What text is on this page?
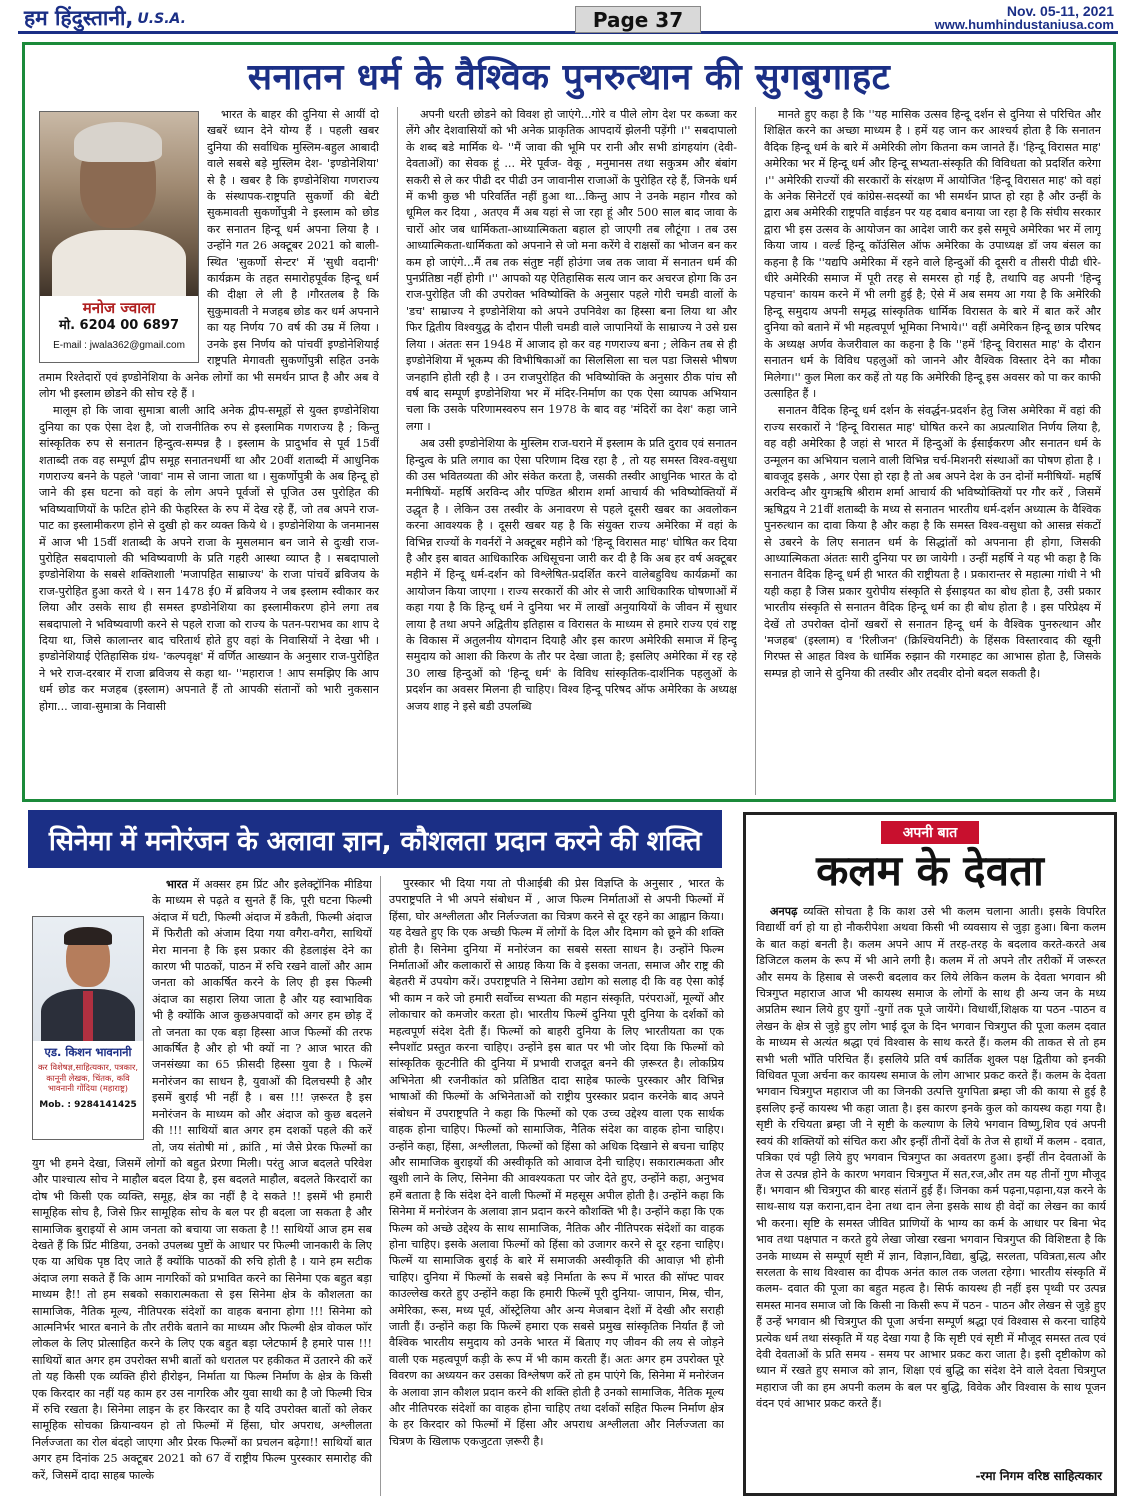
हम हिंदुस्तानी, U.S.A.	Page 37	Nov. 05-11, 2021
www.humhindustaniusa.com
सनातन धर्म के वैश्विक पुनरुत्थान की सुगबुगाहट
मनोज ज्वाला
मो. 6204 00 6897
E-mail : jwala362@gmail.com

भारत के बाहर की दुनिया से आयीं दो खबरें ध्यान देने योग्य हैं । पहली खबर दुनिया की सर्वाधिक मुस्लिम-बहुल आबादी वाले सबसे बड़े मुस्लिम देश- 'इण्डोनेशिया' से है । खबर है कि इण्डोनेशिया गणराज्य के संस्थापक-राष्ट्रपति सुकर्णो की बेटी सुकमावती सुकर्णोपुत्री ने इस्लाम को छोड कर सनातन हिन्दू धर्म अपना लिया है । उन्होंने गत 26 अक्टूबर 2021 को बाली-स्थित 'सुकर्णो सेन्टर' में 'सुधी वदानी' कार्यक्रम के तहत समारोहपूर्वक हिन्दू धर्म की दीक्षा ले ली है ।गौरतलब है कि सुकुमावती ने मजहब छोड कर धर्म अपनाने का यह निर्णय 70 वर्ष की उम्र में लिया । उनके इस निर्णय को पांचवीं इण्डोनेशियाई राष्ट्रपति मेगावती सुकर्णोपुत्री सहित उनके तमाम रिश्तेदारों एवं इण्डोनेशिया के अनेक लोगों का भी समर्थन प्राप्त है और अब वे लोग भी इस्लाम छोडने की सोच रहे हैं ।

मालूम हो कि जावा सुमात्रा बाली आदि अनेक द्वीप-समूहों से युक्त इण्डोनेशिया दुनिया का एक ऐसा देश है, जो राजनीतिक रुप से इस्लामिक गणराज्य है ; किन्तु सांस्कृतिक रुप से सनातन हिन्दुत्व-सम्पन्न है । इस्लाम के प्रादुर्भाव से पूर्व 15वीं शताब्दी तक वह सम्पूर्ण द्वीप समूह सनातनधर्मी था और 20वीं शताब्दी में आधुनिक गणराज्य बनने के पहले 'जावा' नाम से जाना जाता था । सुकर्णोपुत्री के अब हिन्दू हो जाने की इस घटना को वहां के लोग अपने पूर्वजों से पूजित उस पुरोहित की भविष्यवाणियों के फटित होने की फेहरिस्त के रुप में देख रहे हैं, जो तब अपने राज-पाट का इस्लामीकरण होने से दुखी हो कर व्यक्त किये थे । इण्डोनेशिया के जनमानस में आज भी 15वीं शताब्दी के अपने राजा के मुसलमान बन जाने से दुःखी राज-पुरोहित सबदापालो की भविष्यवाणी के प्रति गहरी आस्था व्याप्त है । सबदापालो इण्डोनेशिया के सबसे शक्तिशाली 'मजापहित साम्राज्य' के राजा पांचवें ब्रविजय के राज-पुरोहित हुआ करते थे । सन 1478 ई0 में ब्रविजय ने जब इस्लाम स्वीकार कर लिया और उसके साथ ही समस्त इण्डोनेशिया का इस्लामीकरण होने लगा तब सबदापालो ने भविष्यवाणी करने से पहले राजा को राज्य के पतन-पराभव का शाप दे दिया था, जिसे कालान्तर बाद चरितार्थ होते हुए वहां के निवासियों ने देखा भी । इण्डोनेशियाई ऐतिहासिक ग्रंथ- 'कल्पवृक्ष' में वर्णित आख्यान के अनुसार राज-पुरोहित ने भरे राज-दरबार में राजा ब्रविजय से कहा था- ''महाराज ! आप समझिए कि आप धर्म छोड कर मजहब (इस्लाम) अपनाते हैं तो आपकी संतानों को भारी नुकसान होगा... जावा-सुमात्रा के निवासी

अपनी धरती छोडने को विवश हो जाएंगे...गोरे व पीले लोग देश पर कब्जा कर लेंगे और देशवासियों को भी अनेक प्राकृतिक आपदायें झेलनी पड़ेंगी ।'' सबदापालो के शब्द बडे मार्मिक थे- ''मैं जावा की भूमि पर रानी और सभी डांगहयांग (देवी-देवताओं) का सेवक हूं ... मेरे पूर्वज- वेकू , मनुमानस तथा सकुत्रम और बंबांग सकरी से ले कर पीढी दर पीढी उन जावानीस राजाओं के पुरोहित रहे हैं, जिनके धर्म में कभी कुछ भी परिवर्तित नहीं हुआ था...किन्तु आप ने उनके महान गौरव को धूमिल कर दिया , अतएव मैं अब यहां से जा रहा हूं और 500 साल बाद जावा के चारों ओर जब धार्मिकता-आध्यात्मिकता बहाल हो जाएगी तब लौटूंगा । तब उस आध्यात्मिकता-धार्मिकता को अपनाने से जो मना करेंगे वे राक्षसों का भोजन बन कर कम हो जाएंगे...मैं तब तक संतुष्ट नहीं होउंगा जब तक जावा में सनातन धर्म की पुनर्प्रतिष्ठा नहीं होगी ।'' आपको यह ऐतिहासिक सत्य जान कर अचरज होगा कि उन राज-पुरोहित जी की उपरोक्त भविष्योक्ति के अनुसार पहले गोरी चमडी वालों के 'डच' साम्राज्य ने इण्डोनेशिया को अपने उपनिवेश का हिस्सा बना लिया था और फिर द्वितीय विश्वयुद्ध के दौरान पीली चमडी वाले जापानियों के साम्राज्य ने उसे ग्रस लिया । अंततः सन 1948 में आजाद हो कर वह गणराज्य बना ; लेकिन तब से ही इण्डोनेशिया में भूकम्प की विभीषिकाओं का सिलसिला सा चल पडा जिससे भीषण जनहानि होती रही है । उन राजपुरोहित की भविष्योक्ति के अनुसार ठीक पांच सौ वर्ष बाद सम्पूर्ण इण्डोनेशिया भर में मंदिर-निर्माण का एक ऐसा व्यापक अभियान चला कि उसके परिणामस्वरुप सन 1978 के बाद वह 'मंदिरों का देश' कहा जाने लगा ।

अब उसी इण्डोनेशिया के मुस्लिम राज-घराने में इस्लाम के प्रति दुराव एवं सनातन हिन्दुत्व के प्रति लगाव का ऐसा परिणाम दिख रहा है , तो यह समस्त विश्व-वसुधा की उस भवितव्यता की ओर संकेत करता है, जसकी तस्वीर आधुनिक भारत के दो मनीषियों- महर्षि अरविन्द और पण्डित श्रीराम शर्मा आचार्य की भविष्योक्तियों में उद्धृत है । लेकिन उस तस्वीर के अनावरण से पहले दूसरी खबर का अवलोकन करना आवश्यक है । दूसरी खबर यह है कि संयुक्त राज्य अमेरिका में वहां के विभिन्न राज्यों के गवर्नरों ने अक्टूबर महीने को 'हिन्दू विरासत माह' घोषित कर दिया है और इस बावत आधिकारिक अधिसूचना जारी कर दी है कि अब हर वर्ष अक्टूबर महीने में हिन्दू धर्म-दर्शन को विश्लेषित-प्रदर्शित करने वालेबहुविध कार्यक्रमों का आयोजन किया जाएगा । राज्य सरकारों की ओर से जारी आधिकारिक घोषणाओं में कहा गया है कि हिन्दू धर्म ने दुनिया भर में लाखों अनुयायियों के जीवन में सुधार लाया है तथा अपने अद्वितीय इतिहास व विरासत के माध्यम से हमारे राज्य एवं राष्ट्र के विकास में अतुलनीय योगदान दियाहै और इस कारण अमेरिकी समाज में हिन्दू समुदाय को आशा की किरण के तौर पर देखा जाता है; इसलिए अमेरिका में रह रहे 30 लाख हिन्दुओं को 'हिन्दू धर्म' के विविध सांस्कृतिक-दार्शनिक पहलुओं के प्रदर्शन का अवसर मिलना ही चाहिए। विश्व हिन्दू परिषद ऑफ अमेरिका के अध्यक्ष अजय शाह ने इसे बडी उपलब्धि

मानते हुए कहा है कि ''यह मासिक उत्सव हिन्दू दर्शन से दुनिया से परिचित और शिक्षित करने का अच्छा माध्यम है । हमें यह जान कर आश्चर्य होता है कि सनातन वैदिक हिन्दू धर्म के बारे में अमेरिकी लोग कितना कम जानते हैं। 'हिन्दू विरासत माह' अमेरिका भर में हिन्दू धर्म और हिन्दू सभ्यता-संस्कृति की विविधता को प्रदर्शित करेगा ।'' अमेरिकी राज्यों की सरकारों के संरक्षण में आयोजित 'हिन्दू विरासत माह' को वहां के अनेक सिनेटरों एवं कांग्रेस-सदस्यों का भी समर्थन प्राप्त हो रहा है और उन्हीं के द्वारा अब अमेरिकी राष्ट्रपति वाईडन पर यह दबाव बनाया जा रहा है कि संघीय सरकार द्वारा भी इस उत्सव के आयोजन का आदेश जारी कर इसे समूचे अमेरिका भर में लागू किया जाय । वर्ल्ड हिन्दू कॉउंसिल ऑफ अमेरिका के उपाध्यक्ष डॉ जय बंसल का कहना है कि ''यद्यपि अमेरिका में रहने वाले हिन्दुओं की दूसरी व तीसरी पीढी धीरे-धीरे अमेरिकी समाज में पूरी तरह से समरस हो गई है, तथापि वह अपनी 'हिन्दू पहचान' कायम करने में भी लगी हुई है; ऐसे में अब समय आ गया है कि अमेरिकी हिन्दू समुदाय अपनी समृद्ध सांस्कृतिक धार्मिक विरासत के बारे में बात करें और दुनिया को बताने में भी महत्वपूर्ण भूमिका निभाये।'' वहीं अमेरिकन हिन्दू छात्र परिषद के अध्यक्ष अर्णव केजरीवाल का कहना है कि ''हमें 'हिन्दू विरासत माह' के दौरान सनातन धर्म के विविध पहलुओं को जानने और वैश्विक विस्तार देने का मौका मिलेगा।'' कुल मिला कर कहें तो यह कि अमेरिकी हिन्दू इस अवसर को पा कर काफी उत्साहित हैं ।

सनातन वैदिक हिन्दू धर्म दर्शन के संवर्द्धन-प्रदर्शन हेतु जिस अमेरिका में वहां की राज्य सरकारों ने 'हिन्दू विरासत माह' घोषित करने का अप्रत्याशित निर्णय लिया है, वह वही अमेरिका है जहां से भारत में हिन्दुओं के ईसाईकरण और सनातन धर्म के उन्मूलन का अभियान चलाने वाली विभिन्न चर्च-मिशनरी संस्थाओं का पोषण होता है । बावजूद इसके , अगर ऐसा हो रहा है तो अब अपने देश के उन दोनों मनीषियों- महर्षि अरविन्द और युगऋषि श्रीराम शर्मा आचार्य की भविष्योक्तियों पर गौर करें , जिसमें ऋषिद्वय ने 21वीं शताब्दी के मध्य से सनातन भारतीय धर्म-दर्शन अध्यात्म के वैश्विक पुनरुत्थान का दावा किया है और कहा है कि समस्त विश्व-वसुधा को आसन्न संकटों से उबरने के लिए सनातन धर्म के सिद्धांतों को अपनाना ही होगा, जिसकी आध्यात्मिकता अंततः सारी दुनिया पर छा जायेगी । उन्हीं महर्षि ने यह भी कहा है कि सनातन वैदिक हिन्दू धर्म ही भारत की राष्ट्रीयता है । प्रकारान्तर से महात्मा गांधी ने भी यही कहा है जिस प्रकार युरोपीय संस्कृति से ईसाइयत का बोध होता है, उसी प्रकार भारतीय संस्कृति से सनातन वैदिक हिन्दू धर्म का ही बोध होता है । इस परिप्रेक्ष्य में देखें तो उपरोक्त दोनों खबरों से सनातन हिन्दू धर्म के वैश्विक पुनरुत्थान और 'मजहब' (इस्लाम) व 'रिलीजन' (क्रिश्चियनिटी) के हिंसक विस्तारवाद की खूनी गिरफ्त से आहत विश्व के धार्मिक रुझान की गरमाहट का आभास होता है, जिसके सम्पन्न हो जाने से दुनिया की तस्वीर और तदवीर दोनो बदल सकती है।

सिनेमा में मनोरंजन के अलावा ज्ञान, कौशलता प्रदान करने की शक्ति
एड. किशन भावनानी
कर विशेषज्ञ,साहित्यकार, पत्रकार, कानूनी लेखक, चिंतक, कवि भावनानी गोंदिया (महाराष्ट्र)
Mob. : 9284141425

भारत में अक्सर हम प्रिंट और इलेक्ट्रॉनिक मीडिया के माध्यम से पढ़ते व सुनते हैं कि, पूरी घटना फिल्मी अंदाज में घटी, फिल्मी अंदाज में डकैती, फिल्मी अंदाज में फिरौती को अंजाम दिया गया वगैरा-वगैरा, साथियों मेरा मानना है कि इस प्रकार की हेडलाइंस देने का कारण भी पाठकों, पाठन में रुचि रखने वालों और आम जनता को आकर्षित करने के लिए ही इस फिल्मी अंदाज का सहारा लिया जाता है और यह स्वाभाविक भी है क्योंकि आज कुछअपवादों को अगर हम छोड़ दें तो जनता का एक बड़ा हिस्सा आज फिल्मों की तरफ आकर्षित है और हो भी क्यों ना ? आज भारत की जनसंख्या का 65 फ़ीसदी हिस्सा युवा है । फिल्में मनोरंजन का साधन है, युवाओं की दिलचस्पी है और इसमें बुराई भी नहीं है । बस !!! ज़रूरत है इस मनोरंजन के माध्यम को और अंदाज को कुछ बदलने की !!! साथियों बात अगर हम दशकों पहले की करें तो, जय संतोषी मां , क्रांति , मां जैसे प्रेरक फिल्मों का युग भी हमने देखा, जिसमें लोगों को बहुत प्रेरणा मिली। परंतु आज बदलते परिवेश और पाश्चात्य सोच ने माहौल बदल दिया है, इस बदलते माहौल, बदलते किरदारों का दोष भी किसी एक व्यक्ति, समूह, क्षेत्र का नहीं है दे सकते !! इसमें भी हमारी सामूहिक सोच है, जिसे फ़िर सामूहिक सोच के बल पर ही बदला जा सकता है और सामाजिक बुराइयों से आम जनता को बचाया जा सकता है !! साथियों आज हम सब देखते हैं कि प्रिंट मीडिया, उनको उपलब्ध पुष्टों के आधार पर फिल्मी जानकारी के लिए एक या अधिक पृष्ठ दिए जाते हैं क्योंकि पाठकों की रुचि होती है । याने हम सटीक अंदाज लगा सकते हैं कि आम नागरिकों को प्रभावित करने का सिनेमा एक बहुत बड़ा माध्यम है!! तो हम सबको सकारात्मकता से इस सिनेमा क्षेत्र के कौशलता का सामाजिक, नैतिक मूल्य, नीतिपरक संदेशों का वाहक बनाना होगा !!! सिनेमा को आत्मनिर्भर भारत बनाने के तौर तरीके बताने का माध्यम और फिल्मी क्षेत्र वोकल फॉर लोकल के लिए प्रोत्साहित करने के लिए एक बहुत बड़ा प्लेटफार्म है हमारे पास !!! साथियों बात अगर हम उपरोक्त सभी बातों को धरातल पर हकीकत में उतारने की करें तो यह किसी एक व्यक्ति हीरो हीरोइन, निर्माता या फिल्म निर्माण के क्षेत्र के किसी एक किरदार का नहीं यह काम हर उस नागरिक और युवा साथी का है जो फिल्मी चित्र में रुचि रखता है। सिनेमा लाइन के हर किरदार का है यदि उपरोक्त बातों को लेकर सामूहिक सोचका क्रियान्वयन हो तो फिल्मों में हिंसा, घोर अपराध, अश्लीलता निर्लज्जता का रोल बंदहो जाएगा और प्रेरक फिल्मों का प्रचलन बढ़ेगा!! साथियों बात अगर हम दिनांक 25 अक्टूबर 2021 को 67 वें राष्ट्रीय फिल्म पुरस्कार समारोह की करें, जिसमें दादा साहब फाल्के

पुरस्कार भी दिया गया तो पीआईबी की प्रेस विज्ञप्ति के अनुसार , भारत के उपराष्ट्रपति ने भी अपने संबोधन में , आज फिल्म निर्माताओं से अपनी फिल्मों में हिंसा, घोर अश्लीलता और निर्लज्जता का चित्रण करने से दूर रहने का आह्वान किया। यह देखते हुए कि एक अच्छी फिल्म में लोगों के दिल और दिमाग को छूने की शक्ति होती है। सिनेमा दुनिया में मनोरंजन का सबसे सस्ता साधन है। उन्होंने फिल्म निर्माताओं और कलाकारों से आग्रह किया कि वे इसका जनता, समाज और राष्ट्र की बेहतरी में उपयोग करें। उपराष्ट्रपति ने सिनेमा उद्योग को सलाह दी कि वह ऐसा कोई भी काम न करे जो हमारी सर्वोच्च सभ्यता की महान संस्कृति, परंपराओं, मूल्यों और लोकाचार को कमजोर करता हो। भारतीय फिल्में दुनिया पूरी दुनिया के दर्शकों को महत्वपूर्ण संदेश देती हैं। फिल्मों को बाहरी दुनिया के लिए भारतीयता का एक स्नैपशॉट प्रस्तुत करना चाहिए। उन्होंने इस बात पर भी जोर दिया कि फिल्मों को सांस्कृतिक कूटनीति की दुनिया में प्रभावी राजदूत बनने की ज़रूरत है। लोकप्रिय अभिनेता श्री रजनीकांत को प्रतिष्ठित दादा साहेब फाल्के पुरस्कार और विभिन्न भाषाओं की फिल्मों के अभिनेताओं को राष्ट्रीय पुरस्कार प्रदान करनेके बाद अपने संबोधन में उपराष्ट्रपति ने कहा कि फिल्मों को एक उच्च उद्देश्य वाला एक सार्थक वाहक होना चाहिए। फिल्मों को सामाजिक, नैतिक संदेश का वाहक होना चाहिए। उन्होंने कहा, हिंसा, अश्लीलता, फिल्मों को हिंसा को अधिक दिखाने से बचना चाहिए और सामाजिक बुराइयों की अस्वीकृति को आवाज देनी चाहिए। सकारात्मकता और खुशी लाने के लिए, सिनेमा की आवश्यकता पर जोर देते हुए, उन्होंने कहा, अनुभव हमें बताता है कि संदेश देने वाली फिल्मों में महसूस अपील होती है। उन्होंने कहा कि सिनेमा में मनोरंजन के अलावा ज्ञान प्रदान करने कौशक्ति भी है। उन्होंने कहा कि एक फिल्म को अच्छे उद्देश्य के साथ सामाजिक, नैतिक और नीतिपरक संदेशों का वाहक होना चाहिए। इसके अलावा फिल्मों को हिंसा को उजागर करने से दूर रहना चाहिए। फिल्में या सामाजिक बुराई के बारे में समाजकी अस्वीकृति की आवाज़ भी होनी चाहिए। दुनिया में फिल्मों के सबसे बड़े निर्माता के रूप में भारत की सॉफ्ट पावर काउल्लेख करते हुए उन्होंने कहा कि हमारी फिल्में पूरी दुनिया- जापान, मिस्र, चीन, अमेरिका, रूस, मध्य पूर्व, ऑस्ट्रेलिया और अन्य मेजबान देशों में देखी और सराही जाती हैं। उन्होंने कहा कि फिल्में हमारा एक सबसे प्रमुख सांस्कृतिक निर्यात हैं जो वैश्विक भारतीय समुदाय को उनके भारत में बिताए गए जीवन की लय से जोड़ने वाली एक महत्वपूर्ण कड़ी के रूप में भी काम करती हैं। अतः अगर हम उपरोक्त पूरे विवरण का अध्ययन कर उसका विश्लेषण करें तो हम पाएंगे कि, सिनेमा में मनोरंजन के अलावा ज्ञान कौशल प्रदान करने की शक्ति होती है उनको सामाजिक, नैतिक मूल्य और नीतिपरक संदेशों का वाहक होना चाहिए तथा दर्शकों सहित फिल्म निर्माण क्षेत्र के हर किरदार को फिल्मों में हिंसा और अपराध अश्लीलता और निर्लज्जता का चित्रण के खिलाफ एकजुटता ज़रूरी है।

अपनी बात
कलम के देवता

अनपढ़ व्यक्ति सोचता है कि काश उसे भी कलम चलाना आती। इसके विपरित विद्यार्थी वर्ग हो या हो नौकरीपेशा अथवा किसी भी व्यवसाय से जुड़ा हुआ। बिना कलम के बात कहां बनती है। कलम अपने आप में तरह-तरह के बदलाव करते-करते अब डिजिटल कलम के रूप में भी आने लगी है। कलम में तो अपने तौर तरीकों में जरूरत और समय के हिसाब से जरूरी बदलाव कर लिये लेकिन कलम के देवता भगवान श्री चित्रगुप्त महाराज आज भी कायस्थ समाज के लोगों के साथ ही अन्य जन के मध्य अप्रतिम स्थान लिये हुए युगों -युगों तक पूजे जायेंगे। विधार्थी,शिक्षक या पठन -पाठन व लेखन के क्षेत्र से जुड़े हुए लोग भाई दूज के दिन भगवान चित्रगुप्त की पूजा कलम दवात के माध्यम से अत्यंत श्रद्धा एवं विश्वास के साथ करते हैं। कलम की ताकत से तो हम सभी भली भाँति परिचित हैं। इसलिये प्रति वर्ष कार्तिक शुक्ल पक्ष द्वितीया को इनकी विधिवत पूजा अर्चना कर कायस्थ समाज के लोग आभार प्रकट करते हैं। कलम के देवता भगवान चित्रगुप्त महाराज जी का जिनकी उत्पत्ति युगपिता ब्रम्हा जी की काया से हुई है इसलिए इन्हें कायस्थ भी कहा जाता है। इस कारण इनके कुल को कायस्थ कहा गया है। सृष्टी के रचियता ब्रम्हा जी ने सृष्टी के कल्याण के लिये भगवान विष्णु,शिव एवं अपनी स्वयं की शक्तियों को संचित करा और इन्हीं तीनों देवों के तेज से हाथों में कलम - दवात, पत्रिका एवं पट्टी लिये हुए भगवान चित्रगुप्त का अवतरण हुआ। इन्हीं तीन देवताओं के तेज से उत्पन्न होने के कारण भगवान चित्रगुप्त में सत,रज,और तम यह तीनों गुण मौजूद हैं। भगवान श्री चित्रगुप्त की बारह संतानें हुई हैं। जिनका कर्म पढ़ना,पढ़ाना,यज्ञ करने के साथ-साथ यज्ञ कराना,दान देना तथा दान लेना इसके साथ ही वेदों का लेखन का कार्य भी करना। सृष्टि के समस्त जीवित प्राणियों के भाग्य का कर्म के आधार पर बिना भेद भाव तथा पक्षपात न करते हुये लेखा जोखा रखना भगवान चित्रगुप्त की विशिष्टता है कि उनके माध्यम से सम्पूर्ण सृष्टी में ज्ञान, विज्ञान,विद्या, बुद्धि, सरलता, पवित्रता,सत्य और सरलता के साथ विश्वास का दीपक अनंत काल तक जलता रहेगा। भारतीय संस्कृति में कलम- दवात की पूजा का बहुत महत्व है। सिर्फ कायस्थ ही नहीं इस पृथ्वी पर उत्पन्न समस्त मानव समाज जो कि किसी ना किसी रूप में पठन - पाठन और लेखन से जुड़े हुए हैं उन्हें भगवान श्री चित्रगुप्त की पूजा अर्चना सम्पूर्ण श्रद्धा एवं विश्वास से करना चाहिये प्रत्येक धर्म तथा संस्कृति में यह देखा गया है कि सृष्टी एवं सृष्टी में मौजूद समस्त तत्व एवं देवी देवताओं के प्रति समय - समय पर आभार प्रकट करा जाता है। इसी दृष्टीकोण को ध्यान में रखते हुए समाज को ज्ञान, शिक्षा एवं बुद्धि का संदेश देने वाले देवता चित्रगुप्त महाराज जी का हम अपनी कलम के बल पर बुद्धि, विवेक और विश्वास के साथ पूजन वंदन एवं आभार प्रकट करते हैं।

-रमा निगम वरिष्ठ साहित्यकार
